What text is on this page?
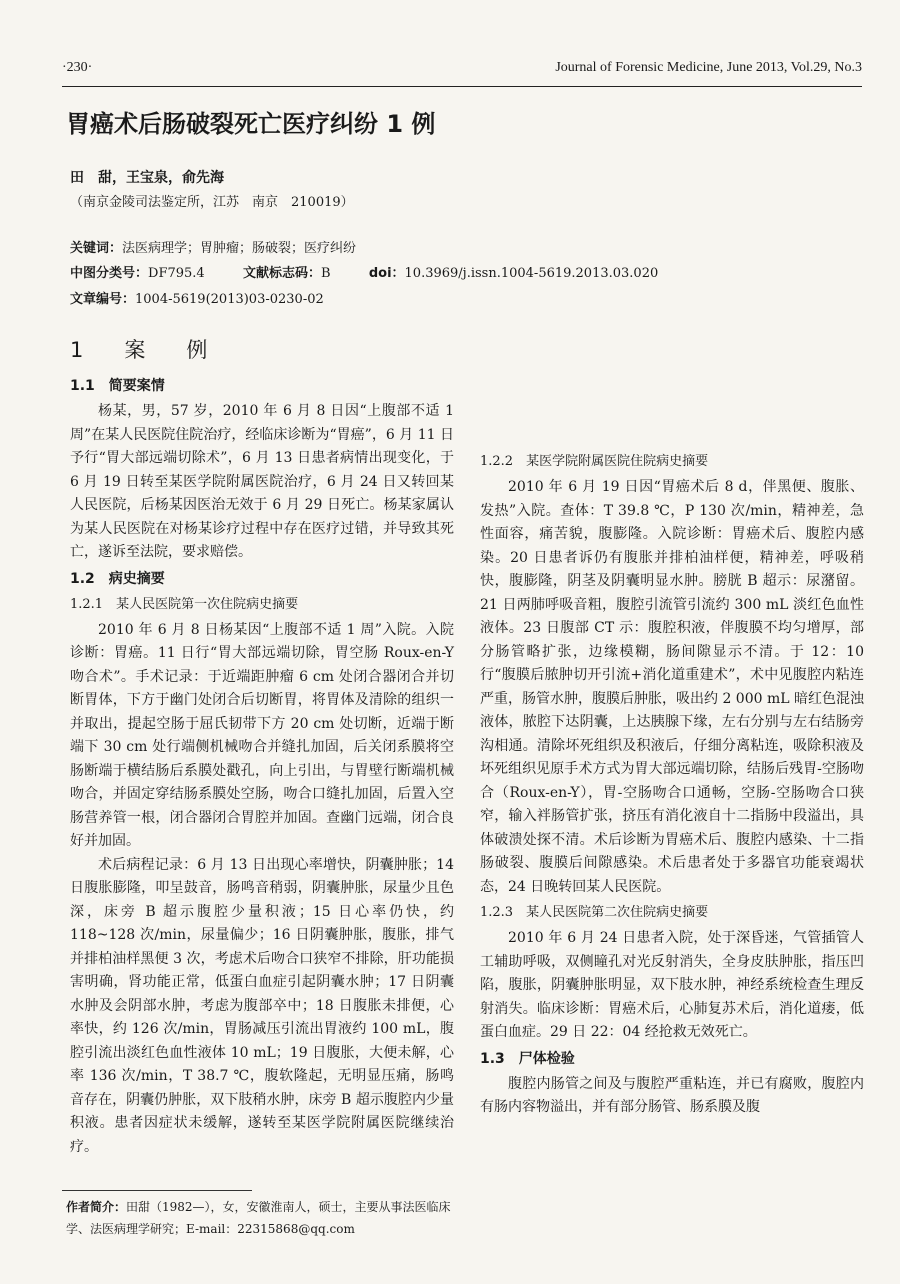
·230·	Journal of Forensic Medicine, June 2013, Vol.29, No.3
胃癌术后肠破裂死亡医疗纠纷 1 例
田　甜，王宝泉，俞先海
（南京金陵司法鉴定所，江苏　南京　210019）
关键词：法医病理学；胃肿瘤；肠破裂；医疗纠纷
中图分类号：DF795.4	文献标志码：B	doi：10.3969/j.issn.1004-5619.2013.03.020
文章编号：1004-5619(2013)03-0230-02
1　案　例
1.1　简要案情

杨某，男，57 岁，2010 年 6 月 8 日因“上腹部不适 1 周”在某人民医院住院治疗，经临床诊断为“胃癌”，6 月 11 日予行“胃大部远端切除术”，6 月 13 日患者病情出现变化，于 6 月 19 日转至某医学院附属医院治疗，6 月 24 日又转回某人民医院，后杨某因医治无效于 6 月 29 日死亡。杨某家属认为某人民医院在对杨某诊疗过程中存在医疗过错，并导致其死亡，遂诉至法院，要求赔偿。

1.2　病史摘要
1.2.1　某人民医院第一次住院病史摘要

2010 年 6 月 8 日杨某因“上腹部不适 1 周”入院。入院诊断：胃癌。11 日行“胃大部远端切除，胃空肠 Roux-en-Y 吻合术”。手术记录：于近端距肿瘤 6 cm 处闭合器闭合并切断胃体，下方于幽门处闭合后切断胃，将胃体及清除的组织一并取出，提起空肠于屈氏韧带下方 20 cm 处切断，近端于断端下 30 cm 处行端侧机械吻合并缝扎加固，后关闭系膜将空肠断端于横结肠后系膜处戳孔，向上引出，与胃壁行断端机械吻合，并固定穿结肠系膜处空肠，吻合口缝扎加固，后置入空肠营养管一根，闭合器闭合胃腔并加固。查幽门远端，闭合良好并加固。

术后病程记录：6 月 13 日出现心率增快，阴囊肿胀；14 日腹胀膨隆，叩呈鼓音，肠鸣音稍弱，阴囊肿胀，尿量少且色深，床旁 B 超示腹腔少量积液；15 日心率仍快，约 118~128 次/min，尿量偏少；16 日阴囊肿胀，腹胀，排气并排柏油样黑便 3 次，考虑术后吻合口狭窄不排除，肝功能损害明确，肾功能正常，低蛋白血症引起阴囊水肿；17 日阴囊水肿及会阴部水肿，考虑为腹部卒中；18 日腹胀未排便，心率快，约 126 次/min，胃肠减压引流出胃液约 100 mL，腹腔引流出淡红色血性液体 10 mL；19 日腹胀，大便未解，心率 136 次/min，T 38.7 ℃，腹软隆起，无明显压痛，肠鸣音存在，阴囊仍肿胀，双下肢稍水肿，床旁 B 超示腹腔内少量积液。患者因症状未缓解，遂转至某医学院附属医院继续治疗。

1.2.2　某医学院附属医院住院病史摘要

2010 年 6 月 19 日因“胃癌术后 8 d，伴黑便、腹胀、发热”入院。查体：T 39.8 ℃，P 130 次/min，精神差，急性面容，痛苦貌，腹膨隆。入院诊断：胃癌术后、腹腔内感染。20 日患者诉仍有腹胀并排柏油样便，精神差，呼吸稍快，腹膨隆，阴茎及阴囊明显水肿。膀胱 B 超示：尿潴留。21 日两肺呼吸音粗，腹腔引流管引流约 300 mL 淡红色血性液体。23 日腹部 CT 示：腹腔积液，伴腹膜不均匀增厚，部分肠管略扩张，边缘模糊，肠间隙显示不清。于 12：10 行“腹膜后脓肿切开引流+消化道重建术”，术中见腹腔内粘连严重，肠管水肿，腹膜后肿胀，吸出约 2 000 mL 暗红色混浊液体，脓腔下达阴囊，上达胰腺下缘，左右分别与左右结肠旁沟相通。清除坏死组织及积液后，仔细分离粘连，吸除积液及坏死组织见原手术方式为胃大部远端切除，结肠后残胃-空肠吻合（Roux-en-Y），胃-空肠吻合口通畅，空肠-空肠吻合口狭窄，输入袢肠管扩张，挤压有消化液自十二指肠中段溢出，具体破溃处探不清。术后诊断为胃癌术后、腹腔内感染、十二指肠破裂、腹膜后间隙感染。术后患者处于多器官功能衰竭状态，24 日晚转回某人民医院。

1.2.3　某人民医院第二次住院病史摘要

2010 年 6 月 24 日患者入院，处于深昏迷，气管插管人工辅助呼吸，双侧瞳孔对光反射消失，全身皮肤肿胀，指压凹陷，腹胀，阴囊肿胀明显，双下肢水肿，神经系统检查生理反射消失。临床诊断：胃癌术后，心肺复苏术后，消化道瘘，低蛋白血症。29 日 22：04 经抢救无效死亡。

1.3　尸体检验

腹腔内肠管之间及与腹腔严重粘连，并已有腐败，腹腔内有肠内容物溢出，并有部分肠管、肠系膜及腹

作者简介：田甜（1982—），女，安徽淮南人，硕士，主要从事法医临床学、法医病理学研究；E-mail：22315868@qq.com
